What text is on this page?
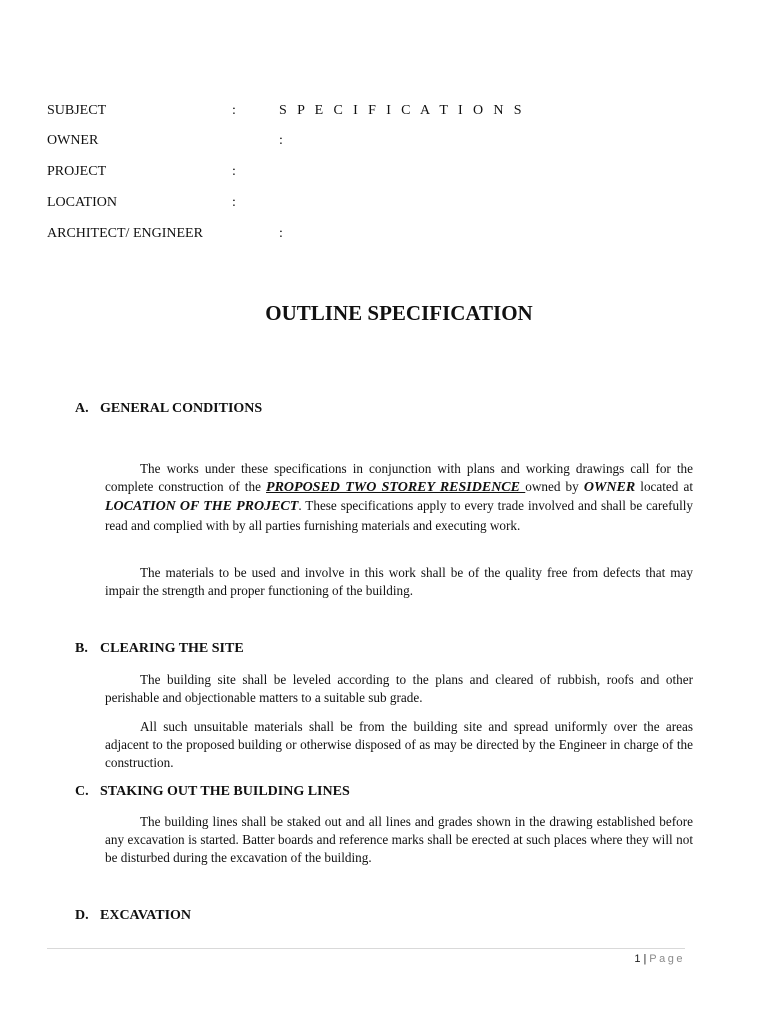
SUBJECT	:	S P E C I F I C A T I O N S
OWNER	:
PROJECT	:
LOCATION	:
ARCHITECT/ ENGINEER	:
OUTLINE SPECIFICATION
A. GENERAL CONDITIONS

The works under these specifications in conjunction with plans and working drawings call for the complete construction of the PROPOSED TWO STOREY RESIDENCE owned by OWNER located at LOCATION OF THE PROJECT. These specifications apply to every trade involved and shall be carefully read and complied with by all parties furnishing materials and executing work.

The materials to be used and involve in this work shall be of the quality free from defects that may impair the strength and proper functioning of the building.

B. CLEARING THE SITE

The building site shall be leveled according to the plans and cleared of rubbish, roofs and other perishable and objectionable matters to a suitable sub grade.

All such unsuitable materials shall be from the building site and spread uniformly over the areas adjacent to the proposed building or otherwise disposed of as may be directed by the Engineer in charge of the construction.

C. STAKING OUT THE BUILDING LINES

The building lines shall be staked out and all lines and grades shown in the drawing established before any excavation is started. Batter boards and reference marks shall be erected at such places where they will not be disturbed during the excavation of the building.

D. EXCAVATION
1 | Page
